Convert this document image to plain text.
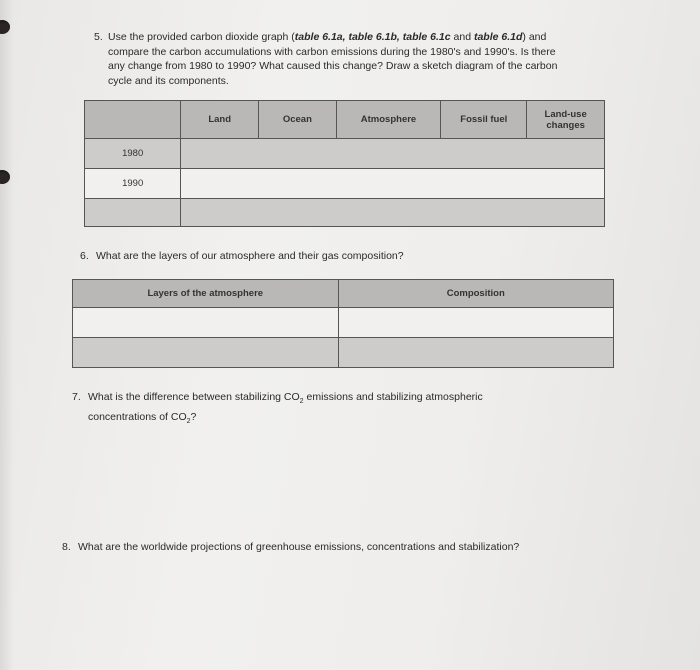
5. Use the provided carbon dioxide graph (table 6.1a, table 6.1b, table 6.1c and table 6.1d) and
compare the carbon accumulations with carbon emissions during the 1980's and 1990's. Is there
any change from 1980 to 1990? What caused this change? Draw a sketch diagram of the carbon
cycle and its components.
	Land	Ocean	Atmosphere	Fossil fuel	Land-use
changes

1980					
1990					

6. What are the layers of our atmosphere and their gas composition?
Layers of the atmosphere	Composition

7. What is the difference between stabilizing $CO_2$ emissions and stabilizing atmospheric
concentrations of $CO_2$?
8. What are the worldwide projections of greenhouse emissions, concentrations and stabilization?
